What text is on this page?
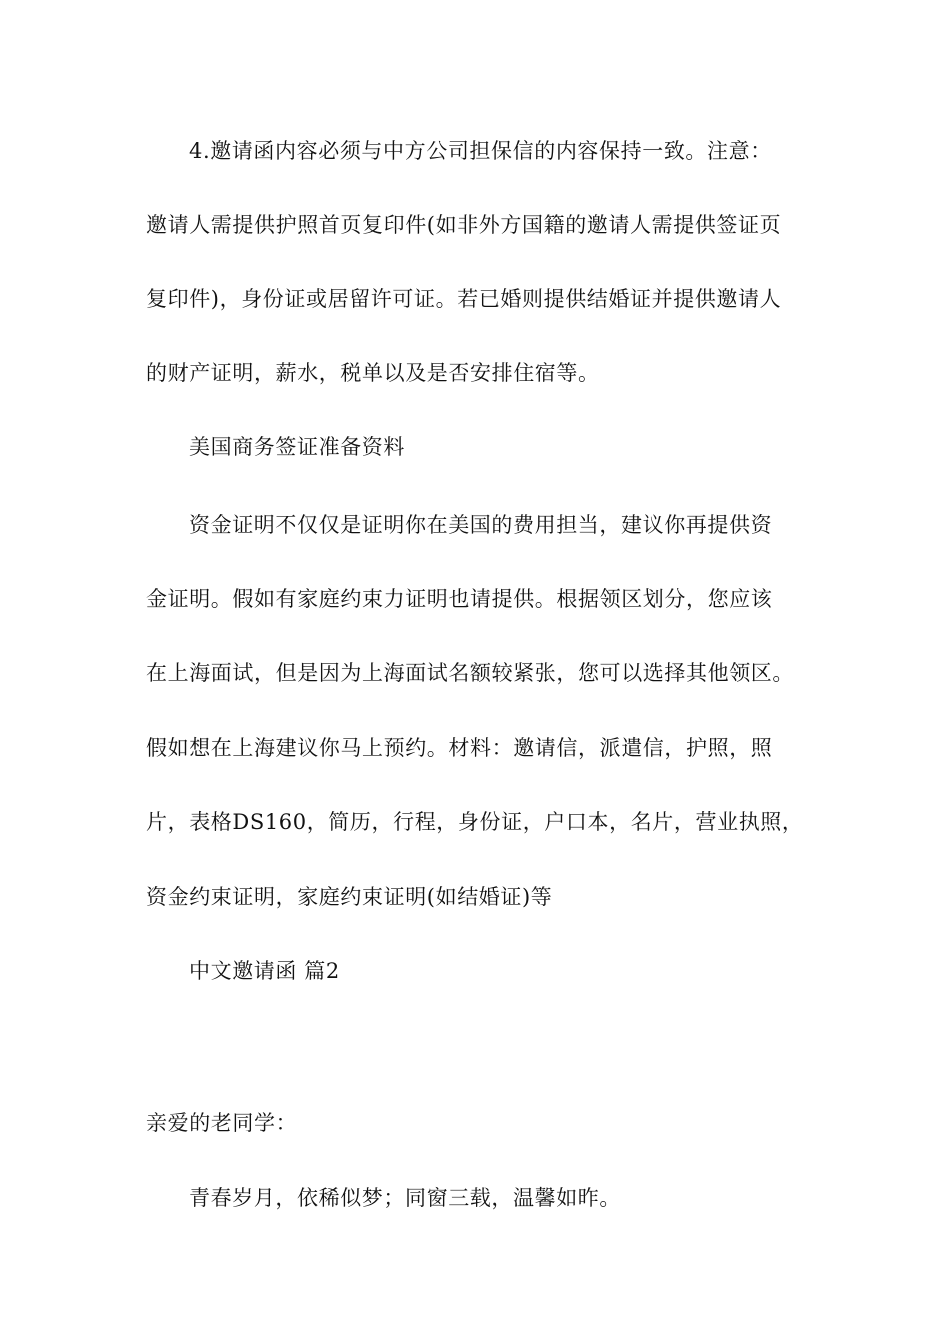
4.邀请函内容必须与中方公司担保信的内容保持一致。注意：
邀请人需提供护照首页复印件(如非外方国籍的邀请人需提供签证页
复印件)，身份证或居留许可证。若已婚则提供结婚证并提供邀请人
的财产证明，薪水，税单以及是否安排住宿等。
美国商务签证准备资料
资金证明不仅仅是证明你在美国的费用担当，建议你再提供资
金证明。假如有家庭约束力证明也请提供。根据领区划分，您应该
在上海面试，但是因为上海面试名额较紧张，您可以选择其他领区。
假如想在上海建议你马上预约。材料：邀请信，派遣信，护照，照
片，表格DS160，简历，行程，身份证，户口本，名片，营业执照，
资金约束证明，家庭约束证明(如结婚证)等
中文邀请函 篇2
亲爱的老同学：
青春岁月，依稀似梦；同窗三载，温馨如昨。
